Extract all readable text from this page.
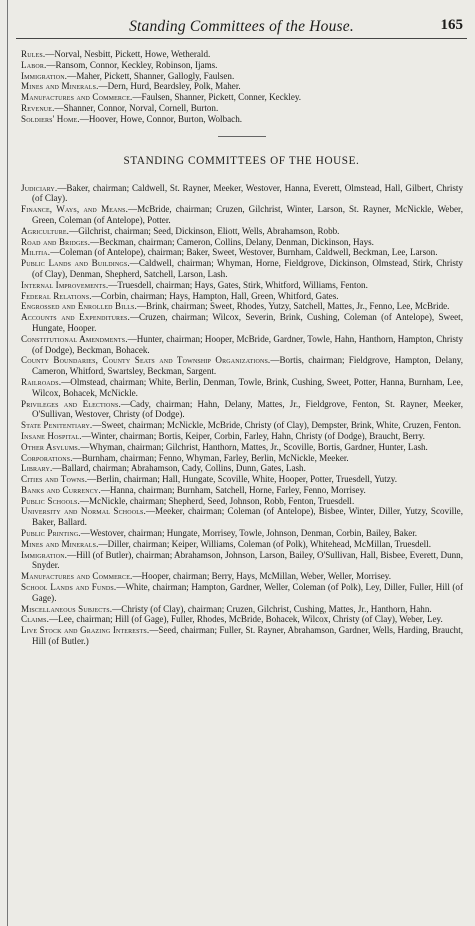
Standing Committees of the House.	165
Rules.—Norval, Nesbitt, Pickett, Howe, Wetherald.
Labor.—Ransom, Connor, Keckley, Robinson, Ijams.
Immigration.—Maher, Pickett, Shanner, Gallogly, Faulsen.
Mines and Minerals.—Dern, Hurd, Beardsley, Polk, Maher.
Manufactures and Commerce.—Faulsen, Shanner, Pickett, Conner, Keckley.
Revenue.—Shanner, Connor, Norval, Cornell, Burton.
Soldiers' Home.—Hoover, Howe, Connor, Burton, Wolbach.
STANDING COMMITTEES OF THE HOUSE.
Judiciary.—Baker, chairman; Caldwell, St. Rayner, Meeker, Westover, Hanna, Everett, Olmstead, Hall, Gilbert, Christy (of Clay).
Finance, Ways, and Means.—McBride, chairman; Cruzen, Gilchrist, Winter, Larson, St. Rayner, McNickle, Weber, Green, Coleman (of Antelope), Potter.
Agriculture.—Gilchrist, chairman; Seed, Dickinson, Eliott, Wells, Abrahamson, Robb.
Road and Bridges.—Beckman, chairman; Cameron, Collins, Delany, Denman, Dickinson, Hays.
Militia.—Coleman (of Antelope), chairman; Baker, Sweet, Westover, Burnham, Caldwell, Beckman, Lee, Larson.
Public Lands and Buildings.—Caldwell, chairman; Whyman, Horne, Fieldgrove, Dickinson, Olmstead, Stirk, Christy (of Clay), Denman, Shepherd, Satchell, Larson, Lash.
Internal Improvements.—Truesdell, chairman; Hays, Gates, Stirk, Whitford, Williams, Fenton.
Federal Relations.—Corbin, chairman; Hays, Hampton, Hall, Green, Whitford, Gates.
Engrossed and Enrolled Bills.—Brink, chairman; Sweet, Rhodes, Yutzy, Satchell, Mattes, Jr., Fenno, Lee, McBride.
Accounts and Expenditures.—Cruzen, chairman; Wilcox, Severin, Brink, Cushing, Coleman (of Antelope), Sweet, Hungate, Hooper.
Constitutional Amendments.—Hunter, chairman; Hooper, McBride, Gardner, Towle, Hahn, Hanthorn, Hampton, Christy (of Dodge), Beckman, Bohacek.
County Boundaries, County Seats and Township Organizations.—Bortis, chairman; Fieldgrove, Hampton, Delany, Cameron, Whitford, Swartsley, Beckman, Sargent.
Railroads.—Olmstead, chairman; White, Berlin, Denman, Towle, Brink, Cushing, Sweet, Potter, Hanna, Burnham, Lee, Wilcox, Bohacek, McNickle.
Privileges and Elections.—Cady, chairman; Hahn, Delany, Mattes, Jr., Fieldgrove, Fenton, St. Rayner, Meeker, O'Sullivan, Westover, Christy (of Dodge).
State Penitentiary.—Sweet, chairman; McNickle, McBride, Christy (of Clay), Dempster, Brink, White, Cruzen, Fenton.
Insane Hospital.—Winter, chairman; Bortis, Keiper, Corbin, Farley, Hahn, Christy (of Dodge), Braucht, Berry.
Other Asylums.—Whyman, chairman; Gilchrist, Hanthorn, Mattes, Jr., Scoville, Bortis, Gardner, Hunter, Lash.
Corporations.—Burnham, chairman; Fenno, Whyman, Farley, Berlin, McNickle, Meeker.
Library.—Ballard, chairman; Abrahamson, Cady, Collins, Dunn, Gates, Lash.
Cities and Towns.—Berlin, chairman; Hall, Hungate, Scoville, White, Hooper, Potter, Truesdell, Yutzy.
Banks and Currency.—Hanna, chairman; Burnham, Satchell, Horne, Farley, Fenno, Morrisey.
Public Schools.—McNickle, chairman; Shepherd, Seed, Johnson, Robb, Fenton, Truesdell.
University and Normal Schools.—Meeker, chairman; Coleman (of Antelope), Bisbee, Winter, Diller, Yutzy, Scoville, Baker, Ballard.
Public Printing.—Westover, chairman; Hungate, Morrisey, Towle, Johnson, Denman, Corbin, Bailey, Baker.
Mines and Minerals.—Diller, chairman; Keiper, Williams, Coleman (of Polk), Whitehead, McMillan, Truesdell.
Immigration.—Hill (of Butler), chairman; Abrahamson, Johnson, Larson, Bailey, O'Sullivan, Hall, Bisbee, Everett, Dunn, Snyder.
Manufactures and Commerce.—Hooper, chairman; Berry, Hays, McMillan, Weber, Weller, Morrisey.
School Lands and Funds.—White, chairman; Hampton, Gardner, Weller, Coleman (of Polk), Ley, Diller, Fuller, Hill (of Gage).
Miscellaneous Subjects.—Christy (of Clay), chairman; Cruzen, Gilchrist, Cushing, Mattes, Jr., Hanthorn, Hahn.
Claims.—Lee, chairman; Hill (of Gage), Fuller, Rhodes, McBride, Bohacek, Wilcox, Christy (of Clay), Weber, Ley.
Live Stock and Grazing Interests.—Seed, chairman; Fuller, St. Rayner, Abrahamson, Gardner, Wells, Harding, Braucht, Hill (of Butler.)
